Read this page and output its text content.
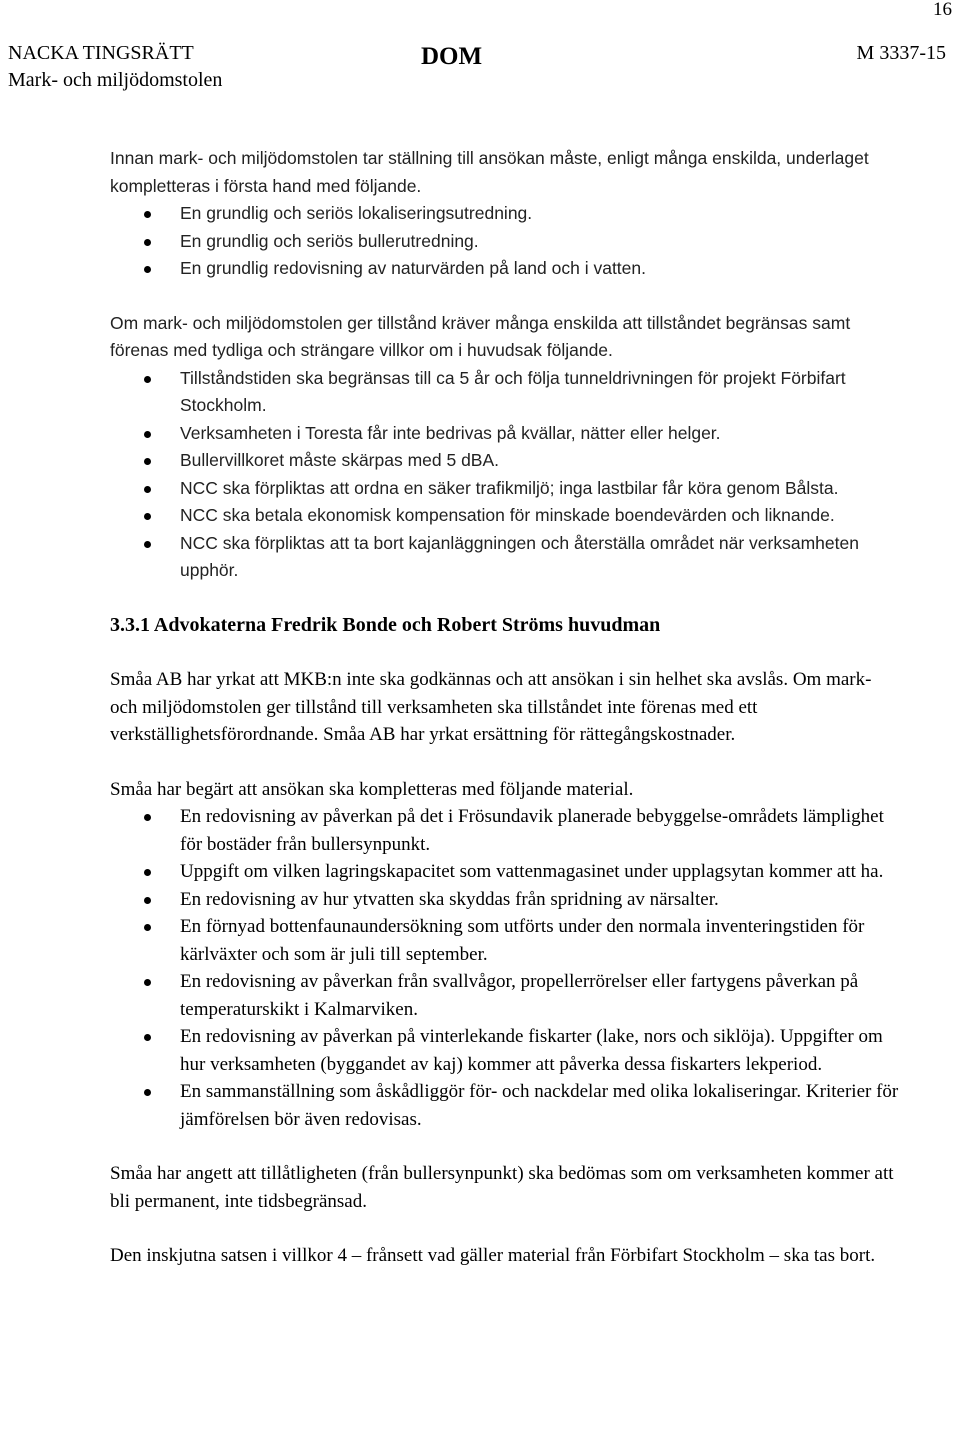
16
NACKA TINGSRÄTT
Mark- och miljödomstolen
DOM	M 3337-15

Innan mark- och miljödomstolen tar ställning till ansökan måste, enligt många enskilda, underlaget kompletteras i första hand med följande.

En grundlig och seriös lokaliseringsutredning.
En grundlig och seriös bullerutredning.
En grundlig redovisning av naturvärden på land och i vatten.

Om mark- och miljödomstolen ger tillstånd kräver många enskilda att tillståndet begränsas samt förenas med tydliga och strängare villkor om i huvudsak följande.

Tillståndstiden ska begränsas till ca 5 år och följa tunneldrivningen för projekt Förbifart Stockholm.
Verksamheten i Toresta får inte bedrivas på kvällar, nätter eller helger.
Bullervillkoret måste skärpas med 5 dBA.
NCC ska förpliktas att ordna en säker trafikmiljö; inga lastbilar får köra genom Bålsta.
NCC ska betala ekonomisk kompensation för minskade boendevärden och liknande.
NCC ska förpliktas att ta bort kajanläggningen och återställa området när verksamheten upphör.
3.3.1 Advokaterna Fredrik Bonde och Robert Ströms huvudman

Småa AB har yrkat att MKB:n inte ska godkännas och att ansökan i sin helhet ska avslås. Om mark- och miljödomstolen ger tillstånd till verksamheten ska tillståndet inte förenas med ett verkställighetsförordnande. Småa AB har yrkat ersättning för rättegångskostnader.

Småa har begärt att ansökan ska kompletteras med följande material.

En redovisning av påverkan på det i Frösundavik planerade bebyggelse-områdets lämplighet för bostäder från bullersynpunkt.
Uppgift om vilken lagringskapacitet som vattenmagasinet under upplagsytan kommer att ha.
En redovisning av hur ytvatten ska skyddas från spridning av närsalter.
En förnyad bottenfaunaundersökning som utförts under den normala inventeringstiden för kärlväxter och som är juli till september.
En redovisning av påverkan från svallvågor, propellerrörelser eller fartygens påverkan på temperaturskikt i Kalmarviken.
En redovisning av påverkan på vinterlekande fiskarter (lake, nors och siklöja). Uppgifter om hur verksamheten (byggandet av kaj) kommer att påverka dessa fiskarters lekperiod.
En sammanställning som åskådliggör för- och nackdelar med olika lokaliseringar. Kriterier för jämförelsen bör även redovisas.

Småa har angett att tillåtligheten (från bullersynpunkt) ska bedömas som om verksamheten kommer att bli permanent, inte tidsbegränsad.

Den inskjutna satsen i villkor 4 – frånsett vad gäller material från Förbifart Stockholm – ska tas bort.
